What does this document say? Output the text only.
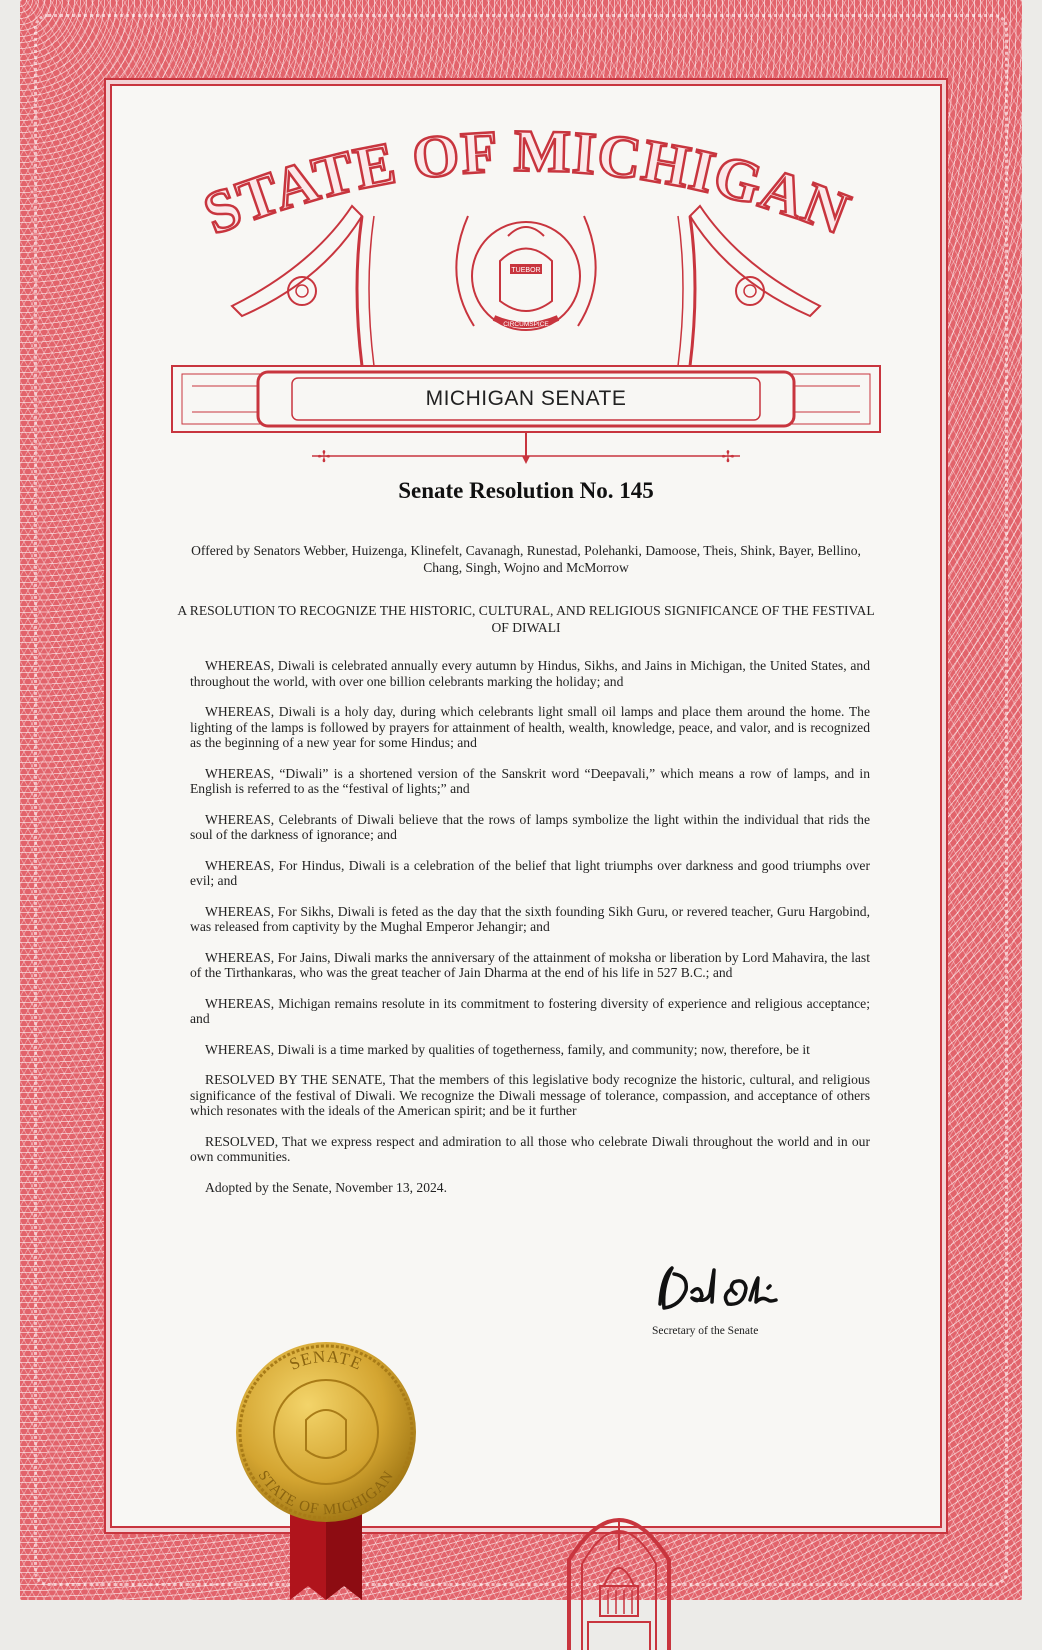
STATE OF MICHIGAN
TUEBOR
CIRCUMSPICE
✢	✢
MICHIGAN SENATE
Senate Resolution No. 145
Offered by Senators Webber, Huizenga, Klinefelt, Cavanagh, Runestad, Polehanki, Damoose, Theis, Shink, Bayer, Bellino, Chang, Singh, Wojno and McMorrow
A RESOLUTION TO RECOGNIZE THE HISTORIC, CULTURAL, AND RELIGIOUS SIGNIFICANCE OF THE FESTIVAL OF DIWALI

WHEREAS, Diwali is celebrated annually every autumn by Hindus, Sikhs, and Jains in Michigan, the United States, and throughout the world, with over one billion celebrants marking the holiday; and

WHEREAS, Diwali is a holy day, during which celebrants light small oil lamps and place them around the home. The lighting of the lamps is followed by prayers for attainment of health, wealth, knowledge, peace, and valor, and is recognized as the beginning of a new year for some Hindus; and

WHEREAS, “Diwali” is a shortened version of the Sanskrit word “Deepavali,” which means a row of lamps, and in English is referred to as the “festival of lights;” and

WHEREAS, Celebrants of Diwali believe that the rows of lamps symbolize the light within the individual that rids the soul of the darkness of ignorance; and

WHEREAS, For Hindus, Diwali is a celebration of the belief that light triumphs over darkness and good triumphs over evil; and

WHEREAS, For Sikhs, Diwali is feted as the day that the sixth founding Sikh Guru, or revered teacher, Guru Hargobind, was released from captivity by the Mughal Emperor Jehangir; and

WHEREAS, For Jains, Diwali marks the anniversary of the attainment of moksha or liberation by Lord Mahavira, the last of the Tirthankaras, who was the great teacher of Jain Dharma at the end of his life in 527 B.C.; and

WHEREAS, Michigan remains resolute in its commitment to fostering diversity of experience and religious acceptance; and

WHEREAS, Diwali is a time marked by qualities of togetherness, family, and community; now, therefore, be it

RESOLVED BY THE SENATE, That the members of this legislative body recognize the historic, cultural, and religious significance of the festival of Diwali. We recognize the Diwali message of tolerance, compassion, and acceptance of others which resonates with the ideals of the American spirit; and be it further

RESOLVED, That we express respect and admiration to all those who celebrate Diwali throughout the world and in our own communities.

Adopted by the Senate, November 13, 2024.

Secretary of the Senate
SENATE
STATE OF MICHIGAN
